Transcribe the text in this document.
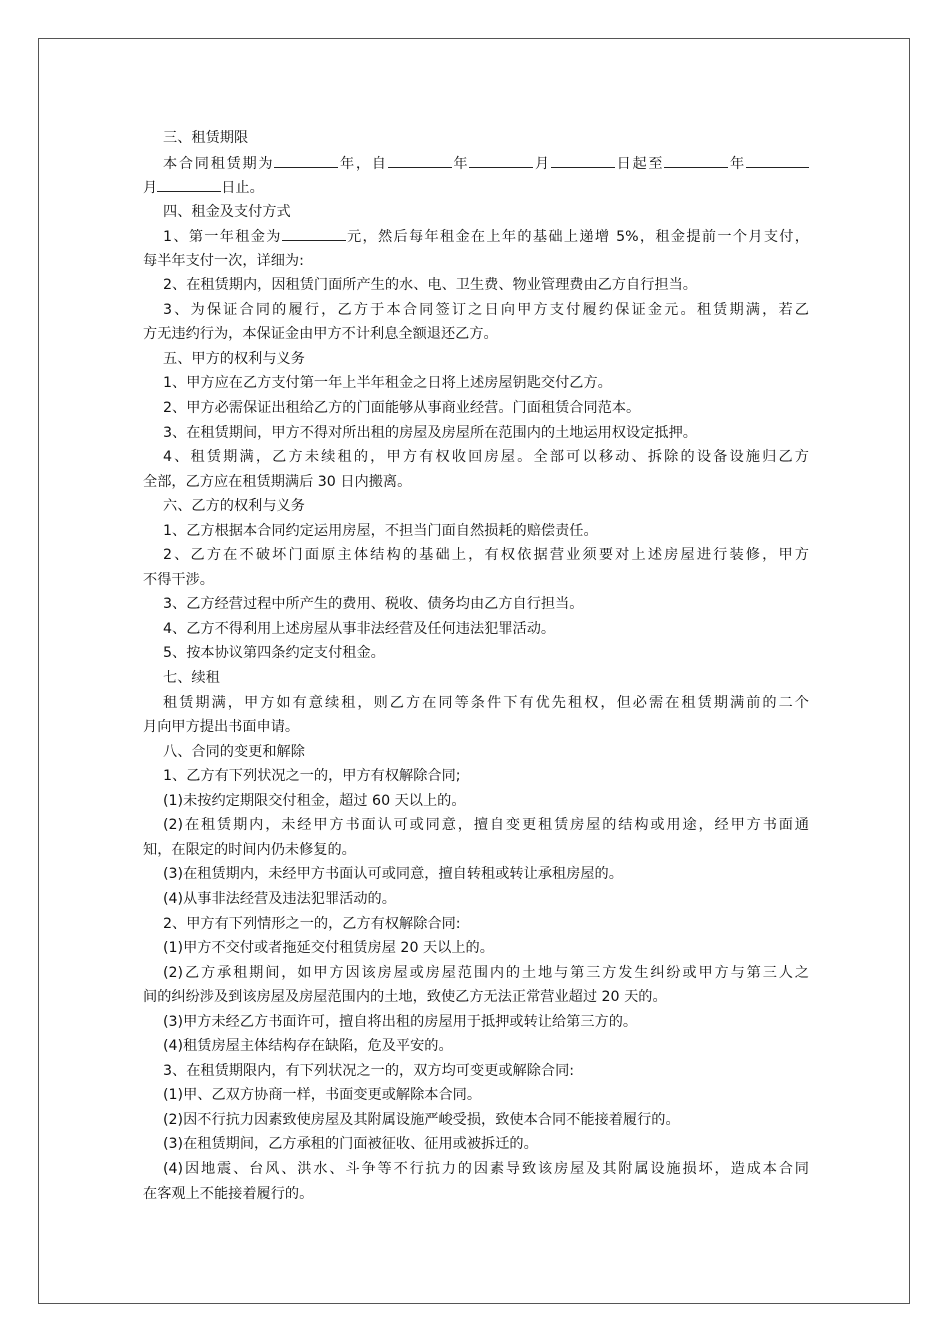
三、租赁期限
本合同租赁期为	年，自	年	月	日起至	年
月	日止。
四、租金及支付方式
1、第一年租金为	元，然后每年租金在上年的基础上递增 5%，租金提前一个月支付，
每半年支付一次，详细为:
2、在租赁期内，因租赁门面所产生的水、电、卫生费、物业管理费由乙方自行担当。
3、为保证合同的履行，乙方于本合同签订之日向甲方支付履约保证金元。租赁期满，若乙
方无违约行为，本保证金由甲方不计利息全额退还乙方。
五、甲方的权利与义务
1、甲方应在乙方支付第一年上半年租金之日将上述房屋钥匙交付乙方。
2、甲方必需保证出租给乙方的门面能够从事商业经营。门面租赁合同范本。
3、在租赁期间，甲方不得对所出租的房屋及房屋所在范围内的土地运用权设定抵押。
4、租赁期满，乙方未续租的，甲方有权收回房屋。全部可以移动、拆除的设备设施归乙方
全部，乙方应在租赁期满后 30 日内搬离。
六、乙方的权利与义务
1、乙方根据本合同约定运用房屋，不担当门面自然损耗的赔偿责任。
2、乙方在不破坏门面原主体结构的基础上，有权依据营业须要对上述房屋进行装修，甲方
不得干涉。
3、乙方经营过程中所产生的费用、税收、债务均由乙方自行担当。
4、乙方不得利用上述房屋从事非法经营及任何违法犯罪活动。
5、按本协议第四条约定支付租金。
七、续租
租赁期满，甲方如有意续租，则乙方在同等条件下有优先租权，但必需在租赁期满前的二个
月向甲方提出书面申请。
八、合同的变更和解除
1、乙方有下列状况之一的，甲方有权解除合同;
(1)未按约定期限交付租金，超过 60 天以上的。
(2)在租赁期内，未经甲方书面认可或同意，擅自变更租赁房屋的结构或用途，经甲方书面通
知，在限定的时间内仍未修复的。
(3)在租赁期内，未经甲方书面认可或同意，擅自转租或转让承租房屋的。
(4)从事非法经营及违法犯罪活动的。
2、甲方有下列情形之一的，乙方有权解除合同:
(1)甲方不交付或者拖延交付租赁房屋 20 天以上的。
(2)乙方承租期间，如甲方因该房屋或房屋范围内的土地与第三方发生纠纷或甲方与第三人之
间的纠纷涉及到该房屋及房屋范围内的土地，致使乙方无法正常营业超过 20 天的。
(3)甲方未经乙方书面许可，擅自将出租的房屋用于抵押或转让给第三方的。
(4)租赁房屋主体结构存在缺陷，危及平安的。
3、在租赁期限内，有下列状况之一的，双方均可变更或解除合同:
(1)甲、乙双方协商一样，书面变更或解除本合同。
(2)因不行抗力因素致使房屋及其附属设施严峻受损，致使本合同不能接着履行的。
(3)在租赁期间，乙方承租的门面被征收、征用或被拆迁的。
(4)因地震、台风、洪水、斗争等不行抗力的因素导致该房屋及其附属设施损坏，造成本合同
在客观上不能接着履行的。
